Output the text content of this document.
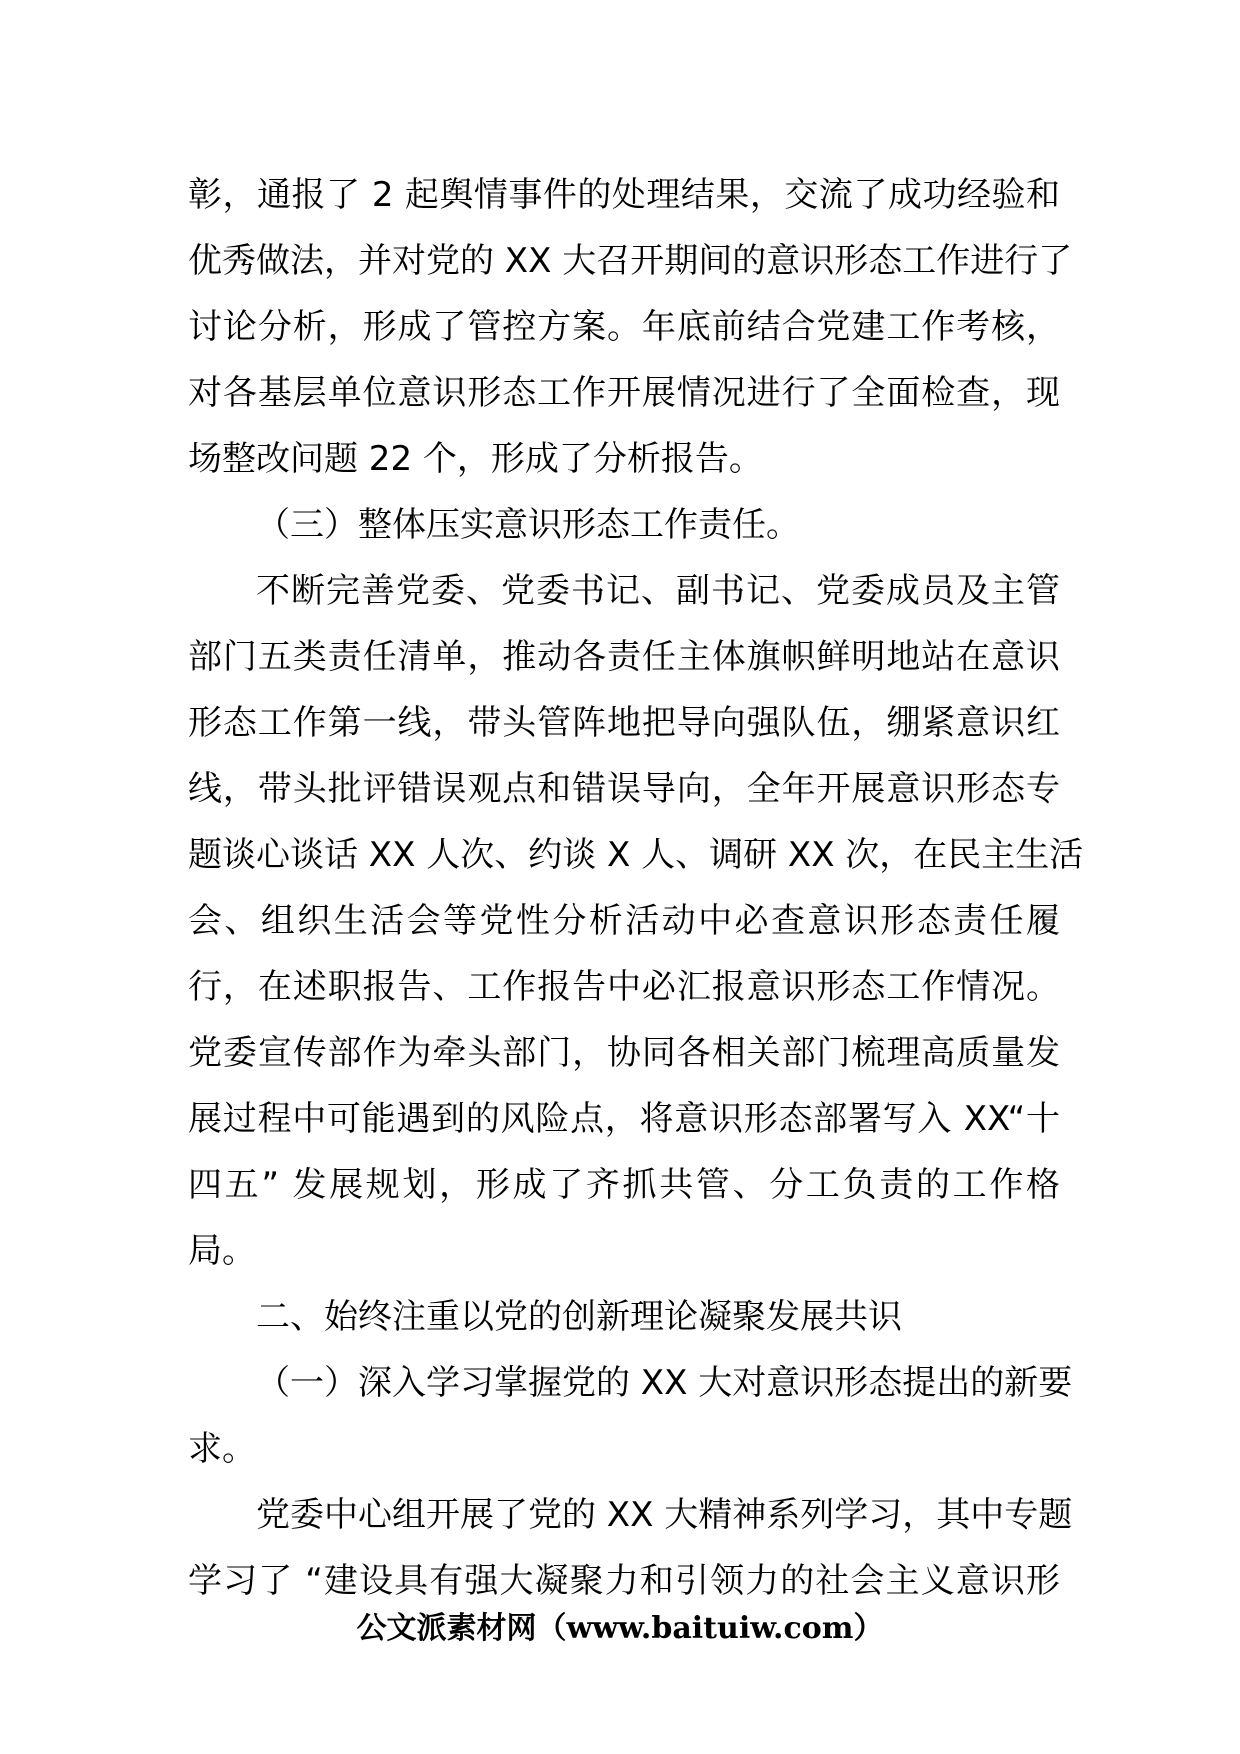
彰，通报了 2 起舆情事件的处理结果，交流了成功经验和
优秀做法，并对党的 XX 大召开期间的意识形态工作进行了
讨论分析，形成了管控方案。年底前结合党建工作考核，
对各基层单位意识形态工作开展情况进行了全面检查，现
场整改问题 22 个，形成了分析报告。
（三）整体压实意识形态工作责任。
不断完善党委、党委书记、副书记、党委成员及主管
部门五类责任清单，推动各责任主体旗帜鲜明地站在意识
形态工作第一线，带头管阵地把导向强队伍，绷紧意识红
线，带头批评错误观点和错误导向，全年开展意识形态专
题谈心谈话 XX 人次、约谈 X 人、调研 XX 次，在民主生活
会、组织生活会等党性分析活动中必查意识形态责任履
行，在述职报告、工作报告中必汇报意识形态工作情况。
党委宣传部作为牵头部门，协同各相关部门梳理高质量发
展过程中可能遇到的风险点，将意识形态部署写入 XX“十
四五” 发展规划，形成了齐抓共管、分工负责的工作格
局。
二、始终注重以党的创新理论凝聚发展共识
（一）深入学习掌握党的 XX 大对意识形态提出的新要
求。
党委中心组开展了党的 XX 大精神系列学习，其中专题
学习了 “建设具有强大凝聚力和引领力的社会主义意识形
公文派素材网（www.baituiw.com）
